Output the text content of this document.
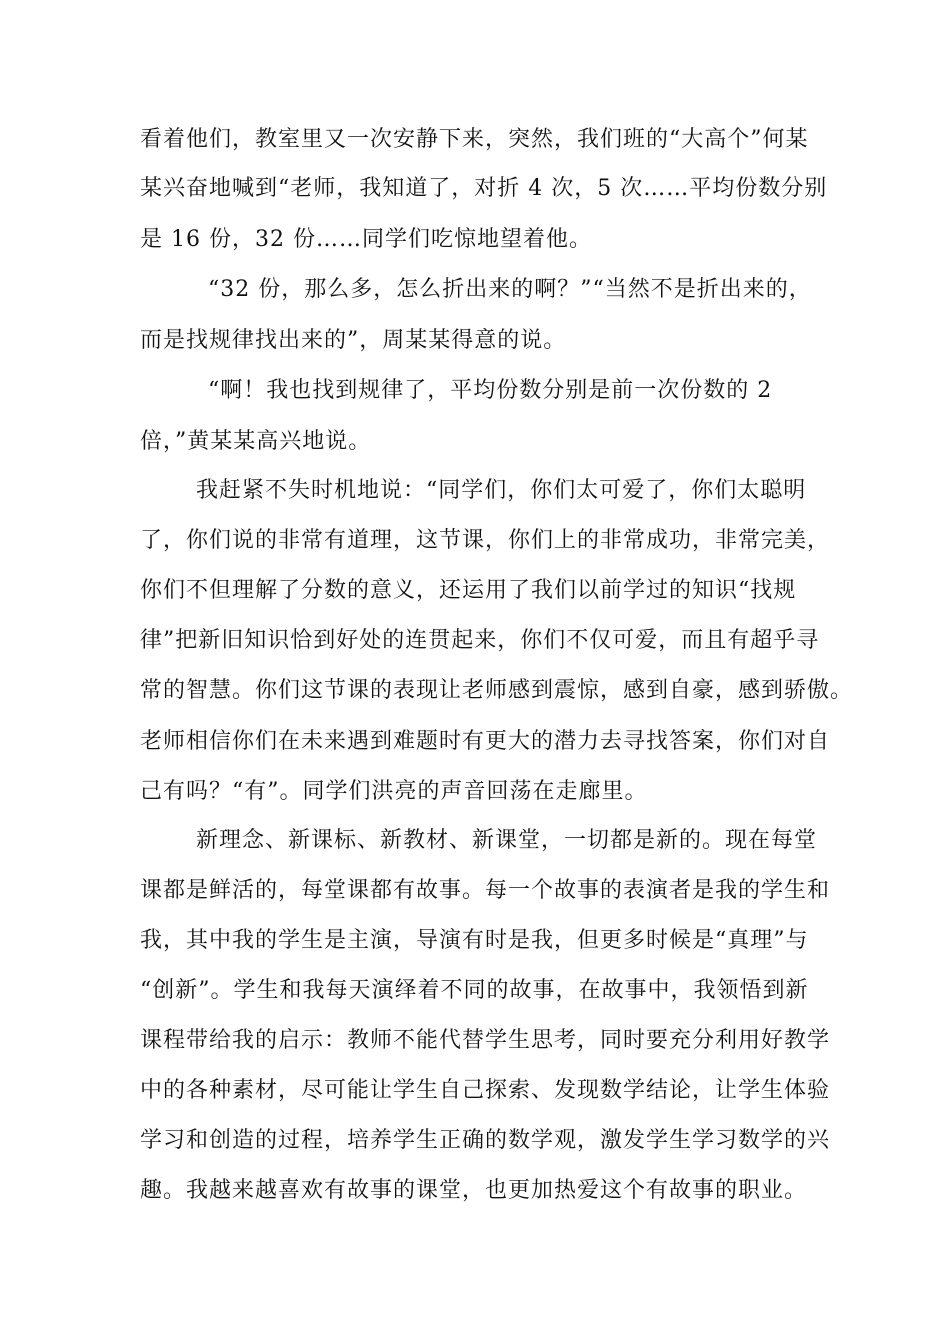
看着他们，教室里又一次安静下来，突然，我们班的“大高个”何某
某兴奋地喊到“老师，我知道了，对折 4 次，5 次……平均份数分别
是 16 份，32 份……同学们吃惊地望着他。
“32 份，那么多，怎么折出来的啊？”“当然不是折出来的，
而是找规律找出来的”，周某某得意的说。
“啊！我也找到规律了，平均份数分别是前一次份数的 2
倍，”黄某某高兴地说。
我赶紧不失时机地说：“同学们，你们太可爱了，你们太聪明
了，你们说的非常有道理，这节课，你们上的非常成功，非常完美，
你们不但理解了分数的意义，还运用了我们以前学过的知识“找规
律”把新旧知识恰到好处的连贯起来，你们不仅可爱，而且有超乎寻
常的智慧。你们这节课的表现让老师感到震惊，感到自豪，感到骄傲。
老师相信你们在未来遇到难题时有更大的潜力去寻找答案，你们对自
己有吗？“有”。同学们洪亮的声音回荡在走廊里。
新理念、新课标、新教材、新课堂，一切都是新的。现在每堂
课都是鲜活的，每堂课都有故事。每一个故事的表演者是我的学生和
我，其中我的学生是主演，导演有时是我，但更多时候是“真理”与
“创新”。学生和我每天演绎着不同的故事，在故事中，我领悟到新
课程带给我的启示：教师不能代替学生思考，同时要充分利用好教学
中的各种素材，尽可能让学生自己探索、发现数学结论，让学生体验
学习和创造的过程，培养学生正确的数学观，激发学生学习数学的兴
趣。我越来越喜欢有故事的课堂，也更加热爱这个有故事的职业。
